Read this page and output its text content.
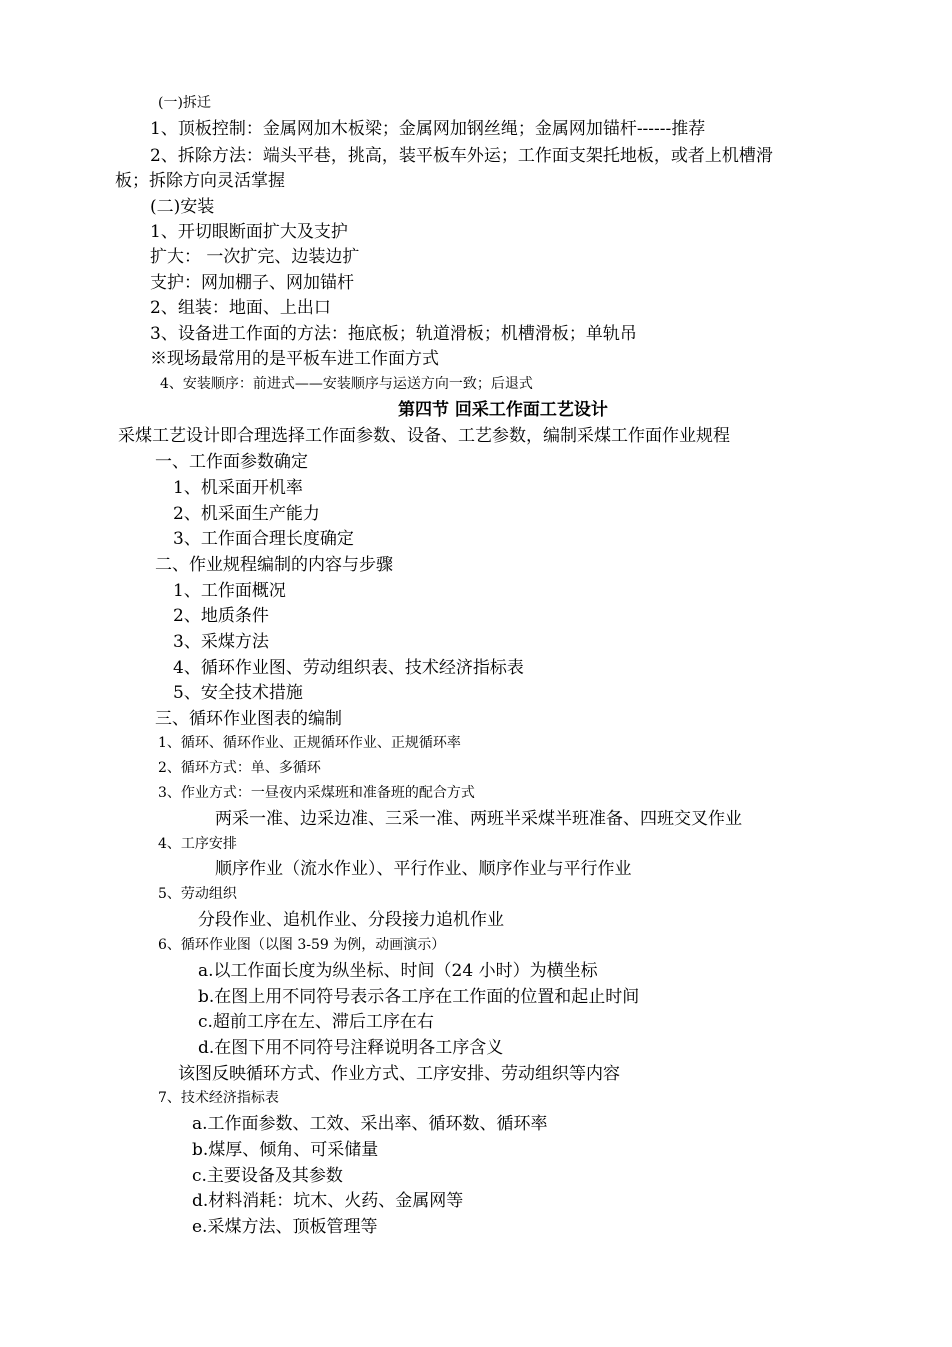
(一)拆迁
1、顶板控制：金属网加木板梁；金属网加钢丝绳；金属网加锚杆------推荐
2、拆除方法：端头平巷，挑高，装平板车外运；工作面支架托地板，或者上机槽滑
板；拆除方向灵活掌握
(二)安装
1、开切眼断面扩大及支护
扩大： 一次扩完、边装边扩
支护：网加棚子、网加锚杆
2、组装：地面、上出口
3、设备进工作面的方法：拖底板；轨道滑板；机槽滑板；单轨吊
※现场最常用的是平板车进工作面方式
4、安装顺序：前进式——安装顺序与运送方向一致；后退式
第四节 回采工作面工艺设计
采煤工艺设计即合理选择工作面参数、设备、工艺参数，编制采煤工作面作业规程
一、工作面参数确定
1、机采面开机率
2、机采面生产能力
3、工作面合理长度确定
二、作业规程编制的内容与步骤
1、工作面概况
2、地质条件
3、采煤方法
4、循环作业图、劳动组织表、技术经济指标表
5、安全技术措施
三、循环作业图表的编制
1、循环、循环作业、正规循环作业、正规循环率
2、循环方式：单、多循环
3、作业方式：一昼夜内采煤班和准备班的配合方式
两采一准、边采边准、三采一准、两班半采煤半班准备、四班交叉作业
4、工序安排
顺序作业（流水作业）、平行作业、顺序作业与平行作业
5、劳动组织
分段作业、追机作业、分段接力追机作业
6、循环作业图（以图 3-59 为例，动画演示）
a.以工作面长度为纵坐标、时间（24 小时）为横坐标
b.在图上用不同符号表示各工序在工作面的位置和起止时间
c.超前工序在左、滞后工序在右
d.在图下用不同符号注释说明各工序含义
该图反映循环方式、作业方式、工序安排、劳动组织等内容
7、技术经济指标表
a.工作面参数、工效、采出率、循环数、循环率
b.煤厚、倾角、可采储量
c.主要设备及其参数
d.材料消耗：坑木、火药、金属网等
e.采煤方法、顶板管理等
